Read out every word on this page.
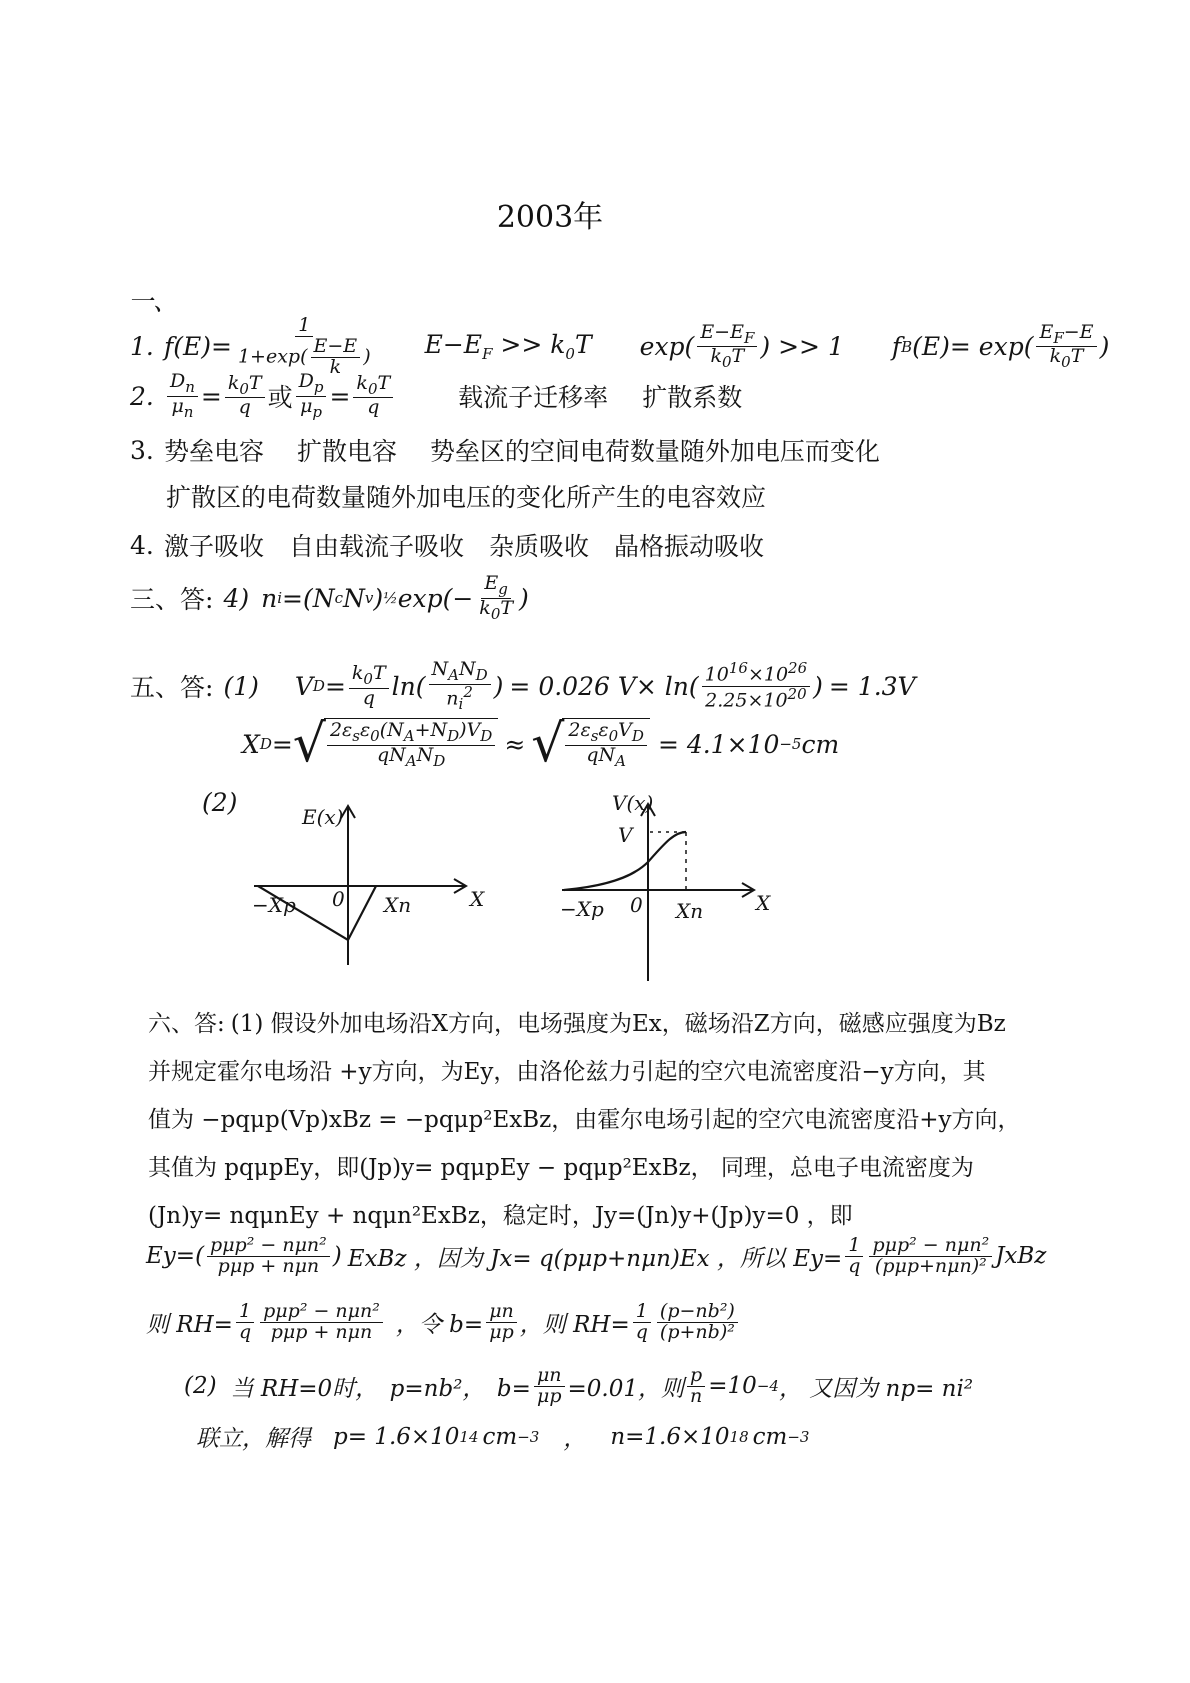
2003年
一、
1. $f(E)= \frac{1}{1+\exp( \frac{E-E}{k} )} E-E_F >> k_0T$ $\exp( \frac{E-E_F}{k_0T}$ ) >> 1 f B $(E)= \exp( \frac{E_F-E}{k_0T}$ )
2. $\frac{D_n}{\mu_n} = \frac{k_0T}{q}$ 或 $\frac{D_p}{\mu_p} = \frac{k_0T}{q}$	载流子迁移率 扩散系数
3. 势垒电容　 扩散电容　 势垒区的空间电荷数量随外加电压而变化
扩散区的电荷数量随外加电压的变化所产生的电容效应
4. 激子吸收　自由载流子吸收　杂质吸收　晶格振动吸收
三、答: 4) n i =(N c N v ) ½ $\exp(- \frac{E_g}{k_0T}$ )
五、答: (1) V $D = \frac{k_0T}{q}$ ln ( $\frac{N_AN_D}{n_i^2}$ ) = 0.026 V× ln ( $\frac{10^{16}\times 10^{26}}{2.25\times 10^{20}}$ ) = 1.3V
X D = √ $\frac{2\varepsilon_s\varepsilon_0(N_A+N_D)V_D}{qN_AN_D}$ ≈ √ $\frac{2\varepsilon_s\varepsilon_0V_D}{qN_A} = 4.1\times 10 -5$ cm
(2)	E(x)
X
0
−Xp	Xn
V(x)
V
X
0
−Xp	Xn
六、答: (1) 假设外加电场沿X方向，电场强度为Ex，磁场沿Z方向，磁感应强度为Bz
并规定霍尔电场沿 +y方向，为Ey，由洛伦兹力引起的空穴电流密度沿−y方向，其
值为 −pqμp(Vp)xBz = −pqμp²ExBz，由霍尔电场引起的空穴电流密度沿+y方向，
其值为 pqμpEy，即(Jp)y= pqμpEy − pqμp²ExBz， 同理，总电子电流密度为
(Jn)y= nqμnEy + nqμn²ExBz，稳定时，Jy=(Jn)y+(Jp)y=0 ，即
Ey= ( $\frac{\text{pμp² − nμn²}}{\text{pμp + nμn}}$ ) ExBz ，因为 Jx= q(pμp+nμn)Ex ，所以 $Ey= \frac{1}{q} \frac{\text{pμp² − nμn²}}{\text{(pμp+nμn)²}}$ JxBz
则 $RH= \frac{1}{q} \frac{\text{pμp² − nμn²}}{\text{pμp + nμn}}$ ，令 $b= \frac{\mu n}{\mu p}$ ，则 $RH= \frac{1}{q} \frac{\text{(p−nb²)}}{\text{(p+nb)²}}$
(2) 当 RH=0时，　p=nb²，　$b= \frac{\mu n}{\mu p} =0.01$，则 $\frac{p}{n} =10 -4$ ， 又因为 np= ni²
联立，解得 p= 1.6×10 14 cm −3 ， n=1.6×10 18 cm −3
